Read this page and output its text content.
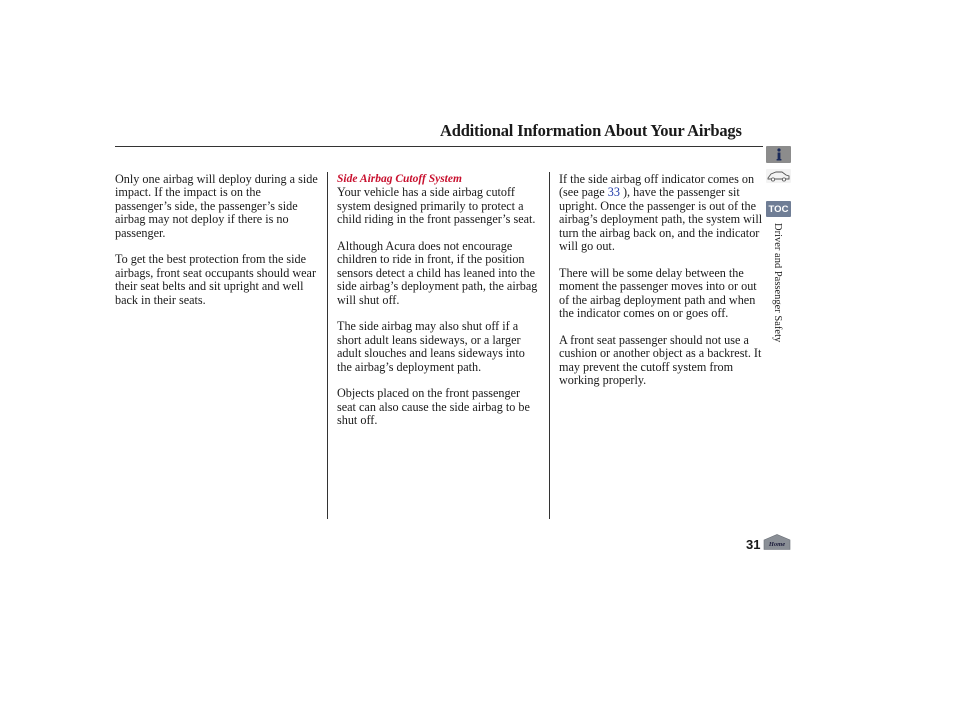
Additional Information About Your Airbags

Only one airbag will deploy during a side impact. If the impact is on the passenger’s side, the passenger’s side airbag may not deploy if there is no passenger.

To get the best protection from the side airbags, front seat occupants should wear their seat belts and sit upright and well back in their seats.

Side Airbag Cutoff System

Your vehicle has a side airbag cutoff system designed primarily to protect a child riding in the front passenger’s seat.

Although Acura does not encourage children to ride in front, if the position sensors detect a child has leaned into the side airbag’s deployment path, the airbag will shut off.

The side airbag may also shut off if a short adult leans sideways, or a larger adult slouches and leans sideways into the airbag’s deployment path.

Objects placed on the front passenger seat can also cause the side airbag to be shut off.

If the side airbag off indicator comes on (see page 33 ), have the passenger sit upright. Once the passenger is out of the airbag’s deployment path, the system will turn the airbag back on, and the indicator will go out.

There will be some delay between the moment the passenger moves into or out of the airbag deployment path and when the indicator comes on or goes off.

A front seat passenger should not use a cushion or another object as a backrest. It may prevent the cutoff system from working properly.

TOC
Driver and Passenger Safety
31 Home
